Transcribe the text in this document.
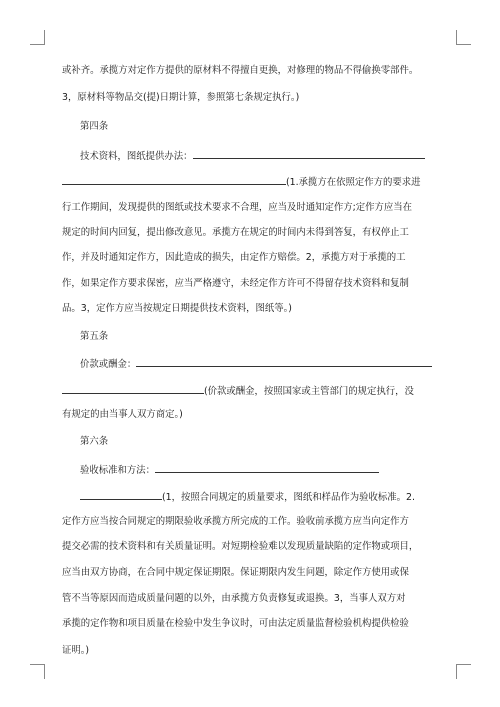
或补齐。承揽方对定作方提供的原材料不得擅自更换，对修理的物品不得偷换零部件。
3，原材料等物品交(提)日期计算，参照第七条规定执行。)
第四条
技术资料，图纸提供办法：
(1.承揽方在依照定作方的要求进
行工作期间，发现提供的图纸或技术要求不合理，应当及时通知定作方;定作方应当在
规定的时间内回复，提出修改意见。承揽方在规定的时间内未得到答复，有权停止工
作，并及时通知定作方，因此造成的损失，由定作方赔偿。2，承揽方对于承揽的工
作，如果定作方要求保密，应当严格遵守，未经定作方许可不得留存技术资料和复制
品。3，定作方应当按规定日期提供技术资料，图纸等。)
第五条
价款或酬金：
(价款或酬金，按照国家或主管部门的规定执行，没
有规定的由当事人双方商定。)
第六条
验收标准和方法：
(1，按照合同规定的质量要求，图纸和样品作为验收标准。2.
定作方应当按合同规定的期限验收承揽方所完成的工作。验收前承揽方应当向定作方
提交必需的技术资料和有关质量证明。对短期检验难以发现质量缺陷的定作物或项目，
应当由双方协商，在合同中规定保证期限。保证期限内发生问题，除定作方使用或保
管不当等原因而造成质量问题的以外，由承揽方负责修复或退换。3，当事人双方对
承揽的定作物和项目质量在检验中发生争议时，可由法定质量监督检验机构提供检验
证明。)
